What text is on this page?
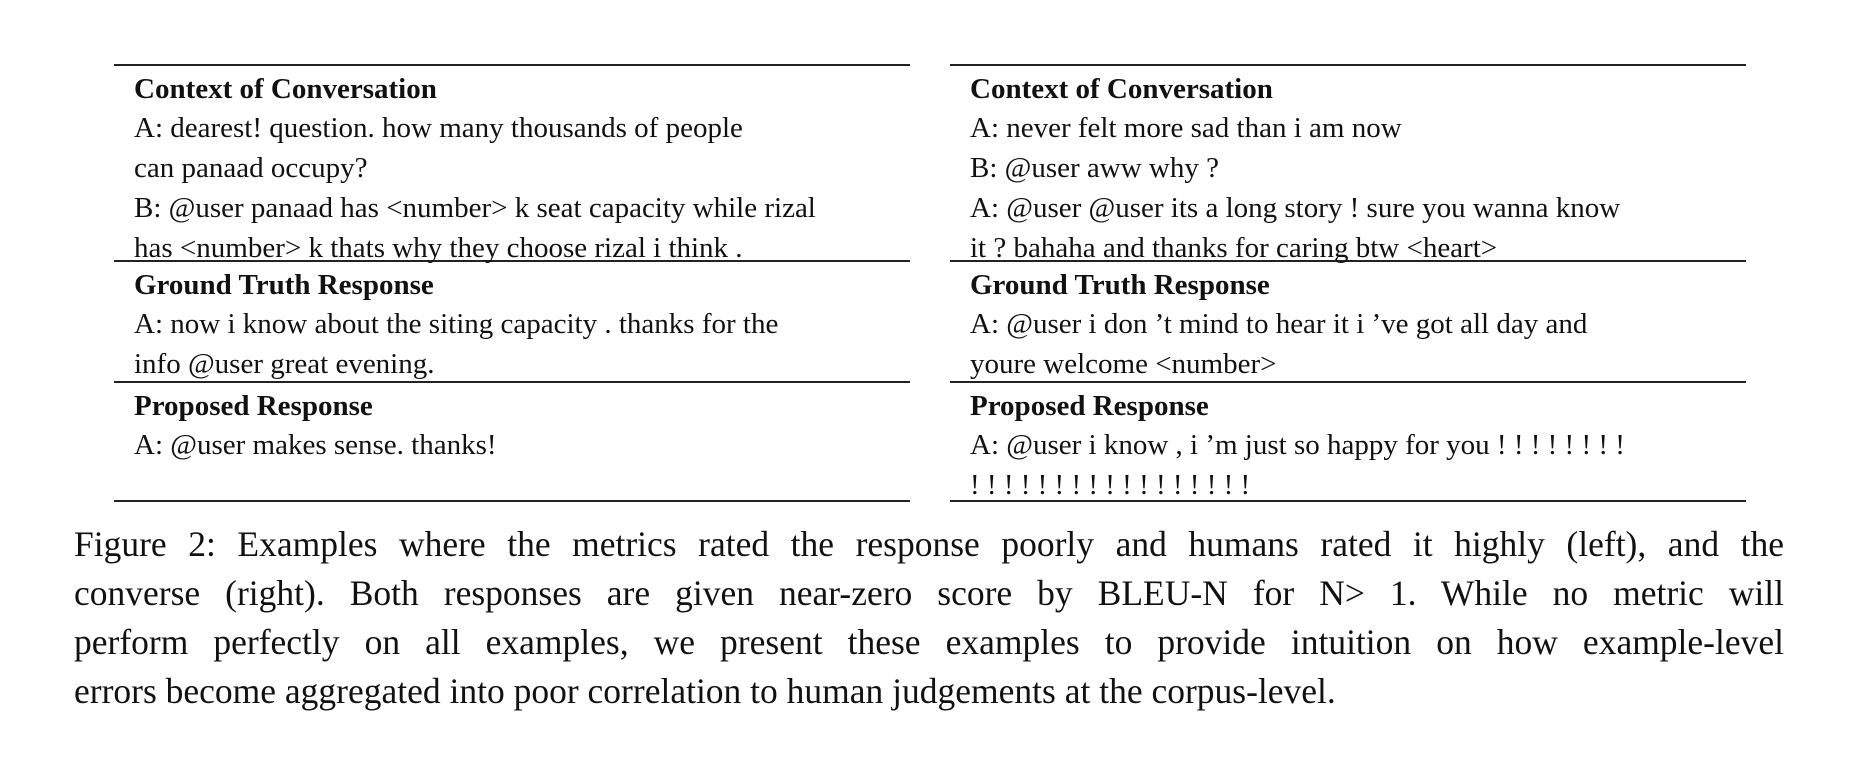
Context of Conversation
A: dearest! question. how many thousands of people
can panaad occupy?
B: @user panaad has <number> k seat capacity while rizal
has <number> k thats why they choose rizal i think .
Ground Truth Response
A: now i know about the siting capacity . thanks for the
info @user great evening.
Proposed Response
A: @user makes sense. thanks!
Context of Conversation
A: never felt more sad than i am now
B: @user aww why ?
A: @user @user its a long story ! sure you wanna know
it ? bahaha and thanks for caring btw <heart>
Ground Truth Response
A: @user i don ’t mind to hear it i ’ve got all day and
youre welcome <number>
Proposed Response
A: @user i know , i ’m just so happy for you ! ! ! ! ! ! ! !
! ! ! ! ! ! ! ! ! ! ! ! ! ! ! ! !
Figure 2: Examples where the metrics rated the response poorly and humans rated it highly (left), and the
converse (right). Both responses are given near-zero score by BLEU-N for N> 1. While no metric will
perform perfectly on all examples, we present these examples to provide intuition on how example-level
errors become aggregated into poor correlation to human judgements at the corpus-level.
